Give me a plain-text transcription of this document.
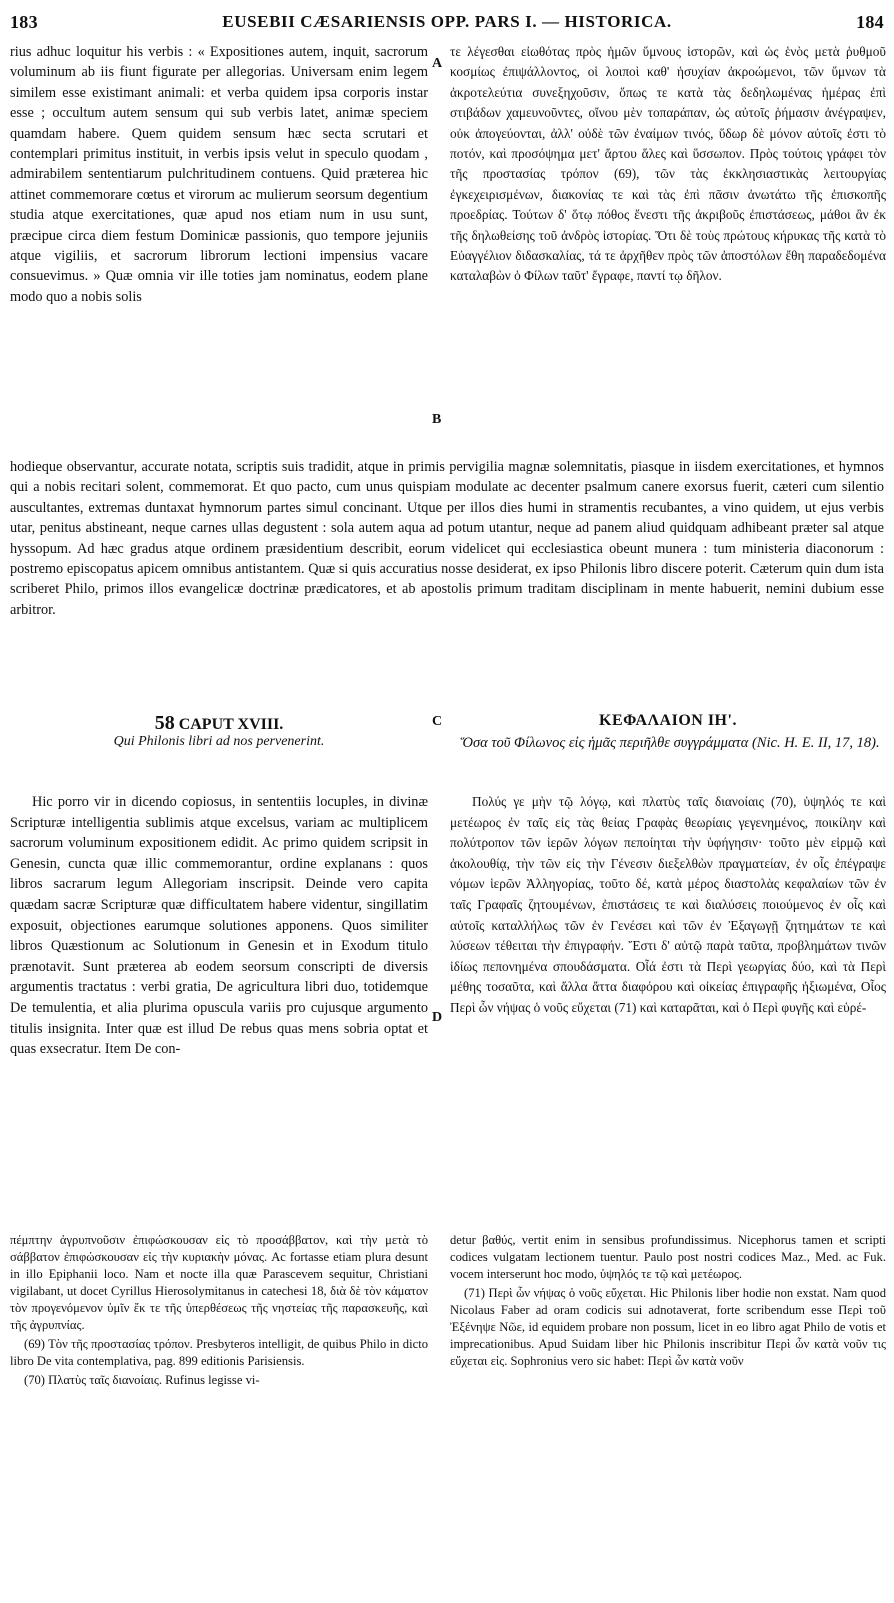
183	EUSEBII CÆSARIENSIS OPP. PARS I. — HISTORICA.	184

rius adhuc loquitur his verbis : « Expositiones autem, inquit, sacrorum voluminum ab iis fiunt figurate per allegorias. Universam enim legem similem esse existimant animali: et verba quidem ipsa corporis instar esse ; occultum autem sensum qui sub verbis latet, animæ speciem quamdam habere. Quem quidem sensum hæc secta scrutari et contemplari primitus instituit, in verbis ipsis velut in speculo quodam , admirabilem sententiarum pulchritudinem contuens. Quid præterea hic attinet commemorare cœtus et virorum ac mulierum seorsum degentium studia atque exercitationes, quæ apud nos etiam num in usu sunt, præcipue circa diem festum Dominicæ passionis, quo tempore jejuniis atque vigiliis, et sacrorum librorum lectioni impensius vacare consuevimus. » Quæ omnia vir ille toties jam nominatus, eodem plane modo quo a nobis solis

A
B

τε λέγεσθαι εἰωθότας πρὸς ἡμῶν ὕμνους ἱστορῶν, καὶ ὡς ἑνὸς μετὰ ῥυθμοῦ κοσμίως ἐπιψάλλοντος, οἱ λοιποὶ καθ' ἡσυχίαν ἀκροώμενοι, τῶν ὕμνων τὰ ἀκροτελεύτια συνεξηχοῦσιν, ὅπως τε κατὰ τὰς δεδηλωμένας ἡμέρας ἐπὶ στιβάδων χαμευνοῦντες, οἴνου μὲν τοπαράπαν, ὡς αὐτοῖς ῥήμασιν ἀνέγραψεν, οὐκ ἀπογεύονται, ἀλλ' οὐδὲ τῶν ἐναίμων τινός, ὕδωρ δὲ μόνον αὐτοῖς ἐστι τὸ ποτόν, καὶ προσόψημα μετ' ἄρτου ἅλες καὶ ὕσσωπον. Πρὸς τούτοις γράφει τὸν τῆς προστασίας τρόπον (69), τῶν τὰς ἐκκλησιαστικὰς λειτουργίας ἐγκεχειρισμένων, διακονίας τε καὶ τὰς ἐπὶ πᾶσιν ἀνωτάτω τῆς ἐπισκοπῆς προεδρίας. Τούτων δ' ὅτῳ πόθος ἔνεστι τῆς ἀκριβοῦς ἐπιστάσεως, μάθοι ἂν ἐκ τῆς δηλωθείσης τοῦ ἀνδρὸς ἱστορίας. Ὅτι δὲ τοὺς πρώτους κήρυκας τῆς κατὰ τὸ Εὐαγγέλιον διδασκαλίας, τά τε ἀρχῆθεν πρὸς τῶν ἀποστόλων ἔθη παραδεδομένα καταλαβὼν ὁ Φίλων ταῦτ' ἔγραφε, παντί τῳ δῆλον.

hodieque observantur, accurate notata, scriptis suis tradidit, atque in primis pervigilia magnæ solemnitatis, piasque in iisdem exercitationes, et hymnos qui a nobis recitari solent, commemorat. Et quo pacto, cum unus quispiam modulate ac decenter psalmum canere exorsus fuerit, cæteri cum silentio auscultantes, extremas duntaxat hymnorum partes simul concinant. Utque per illos dies humi in stramentis recubantes, a vino quidem, ut ejus verbis utar, penitus abstineant, neque carnes ullas degustent : sola autem aqua ad potum utantur, neque ad panem aliud quidquam adhibeant præter sal atque hyssopum. Ad hæc gradus atque ordinem præsidentium describit, eorum videlicet qui ecclesiastica obeunt munera : tum ministeria diaconorum : postremo episcopatus apicem omnibus antistantem. Quæ si quis accuratius nosse desiderat, ex ipso Philonis libro discere poterit. Cæterum quin dum ista scriberet Philo, primos illos evangelicæ doctrinæ prædicatores, et ab apostolis primum traditam disciplinam in mente habuerit, nemini dubium esse arbitror.

58 CAPUT XVIII.
Qui Philonis libri ad nos pervenerint.
C	ΚΕΦΑΛΑΙΟΝ ΙΗ'.
Ὅσα τοῦ Φίλωνος εἰς ἡμᾶς περιῆλθε συγγράμματα (Nic. H. E. II, 17, 18).

Hic porro vir in dicendo copiosus, in sententiis locuples, in divinæ Scripturæ intelligentia sublimis atque excelsus, variam ac multiplicem sacrorum voluminum expositionem edidit. Ac primo quidem scripsit in Genesin, cuncta quæ illic commemorantur, ordine explanans : quos libros sacrarum legum Allegoriam inscripsit. Deinde vero capita quædam sacræ Scripturæ quæ difficultatem habere videntur, singillatim exposuit, objectiones earumque solutiones apponens. Quos similiter libros Quæstionum ac Solutionum in Genesin et in Exodum titulo prænotavit. Sunt præterea ab eodem seorsum conscripti de diversis argumentis tractatus : verbi gratia, De agricultura libri duo, totidemque De temulentia, et alia plurima opuscula variis pro cujusque argumento titulis insignita. Inter quæ est illud De rebus quas mens sobria optat et quas exsecratur. Item De con-

D

Πολύς γε μὴν τῷ λόγῳ, καὶ πλατὺς ταῖς διανοίαις (70), ὑψηλός τε καὶ μετέωρος ἐν ταῖς εἰς τὰς θείας Γραφὰς θεωρίαις γεγενημένος, ποικίλην καὶ πολύτροπον τῶν ἱερῶν λόγων πεποίηται τὴν ὑφήγησιν· τοῦτο μὲν εἱρμῷ καὶ ἀκολουθίᾳ, τὴν τῶν εἰς τὴν Γένεσιν διεξελθὼν πραγματείαν, ἐν οἷς ἐπέγραψε νόμων ἱερῶν Ἀλληγορίας, τοῦτο δέ, κατὰ μέρος διαστολὰς κεφαλαίων τῶν ἐν ταῖς Γραφαῖς ζητουμένων, ἐπιστάσεις τε καὶ διαλύσεις ποιούμενος ἐν οἷς καὶ αὐτοῖς καταλλήλως τῶν ἐν Γενέσει καὶ τῶν ἐν Ἐξαγωγῇ ζητημάτων τε καὶ λύσεων τέθειται τὴν ἐπιγραφήν. Ἔστι δ' αὐτῷ παρὰ ταῦτα, προβλημάτων τινῶν ἰδίως πεπονημένα σπουδάσματα. Οἷά ἐστι τὰ Περὶ γεωργίας δύο, καὶ τὰ Περὶ μέθης τοσαῦτα, καὶ ἄλλα ἄττα διαφόρου καὶ οἰκείας ἐπιγραφῆς ἠξιωμένα, Οἷος Περὶ ὧν νήψας ὁ νοῦς εὔχεται (71) καὶ καταρᾶται, καὶ ὁ Περὶ φυγῆς καὶ εὑρέ-

πέμπτην ἀγρυπνοῦσιν ἐπιφώσκουσαν εἰς τὸ προσάββατον, καὶ τὴν μετὰ τὸ σάββατον ἐπιφώσκουσαν εἰς τὴν κυριακὴν μόνας. Ac fortasse etiam plura desunt in illo Epiphanii loco. Nam et nocte illa quæ Parascevem sequitur, Christiani vigilabant, ut docet Cyrillus Hierosolymitanus in catechesi 18, διὰ δὲ τὸν κάματον τὸν προγενόμενον ὑμῖν ἔκ τε τῆς ὑπερθέσεως τῆς νηστείας τῆς παρασκευῆς, καὶ τῆς ἀγρυπνίας.

(69) Τὸν τῆς προστασίας τρόπον. Presbyteros intelligit, de quibus Philo in dicto libro De vita contemplativa, pag. 899 editionis Parisiensis.

(70) Πλατὺς ταῖς διανοίαις. Rufinus legisse vi-

detur βαθύς, vertit enim in sensibus profundissimus. Nicephorus tamen et scripti codices vulgatam lectionem tuentur. Paulo post nostri codices Maz., Med. ac Fuk. vocem interserunt hoc modo, ὑψηλός τε τῷ καὶ μετέωρος.

(71) Περὶ ὧν νήψας ὁ νοῦς εὔχεται. Hic Philonis liber hodie non exstat. Nam quod Nicolaus Faber ad oram codicis sui adnotaverat, forte scribendum esse Περὶ τοῦ Ἐξένηψε Νῶε, id equidem probare non possum, licet in eo libro agat Philo de votis et imprecationibus. Apud Suidam liber hic Philonis inscribitur Περὶ ὧν κατὰ νοῦν τις εὔχεται εἰς. Sophronius vero sic habet: Περὶ ὧν κατὰ νοῦν
